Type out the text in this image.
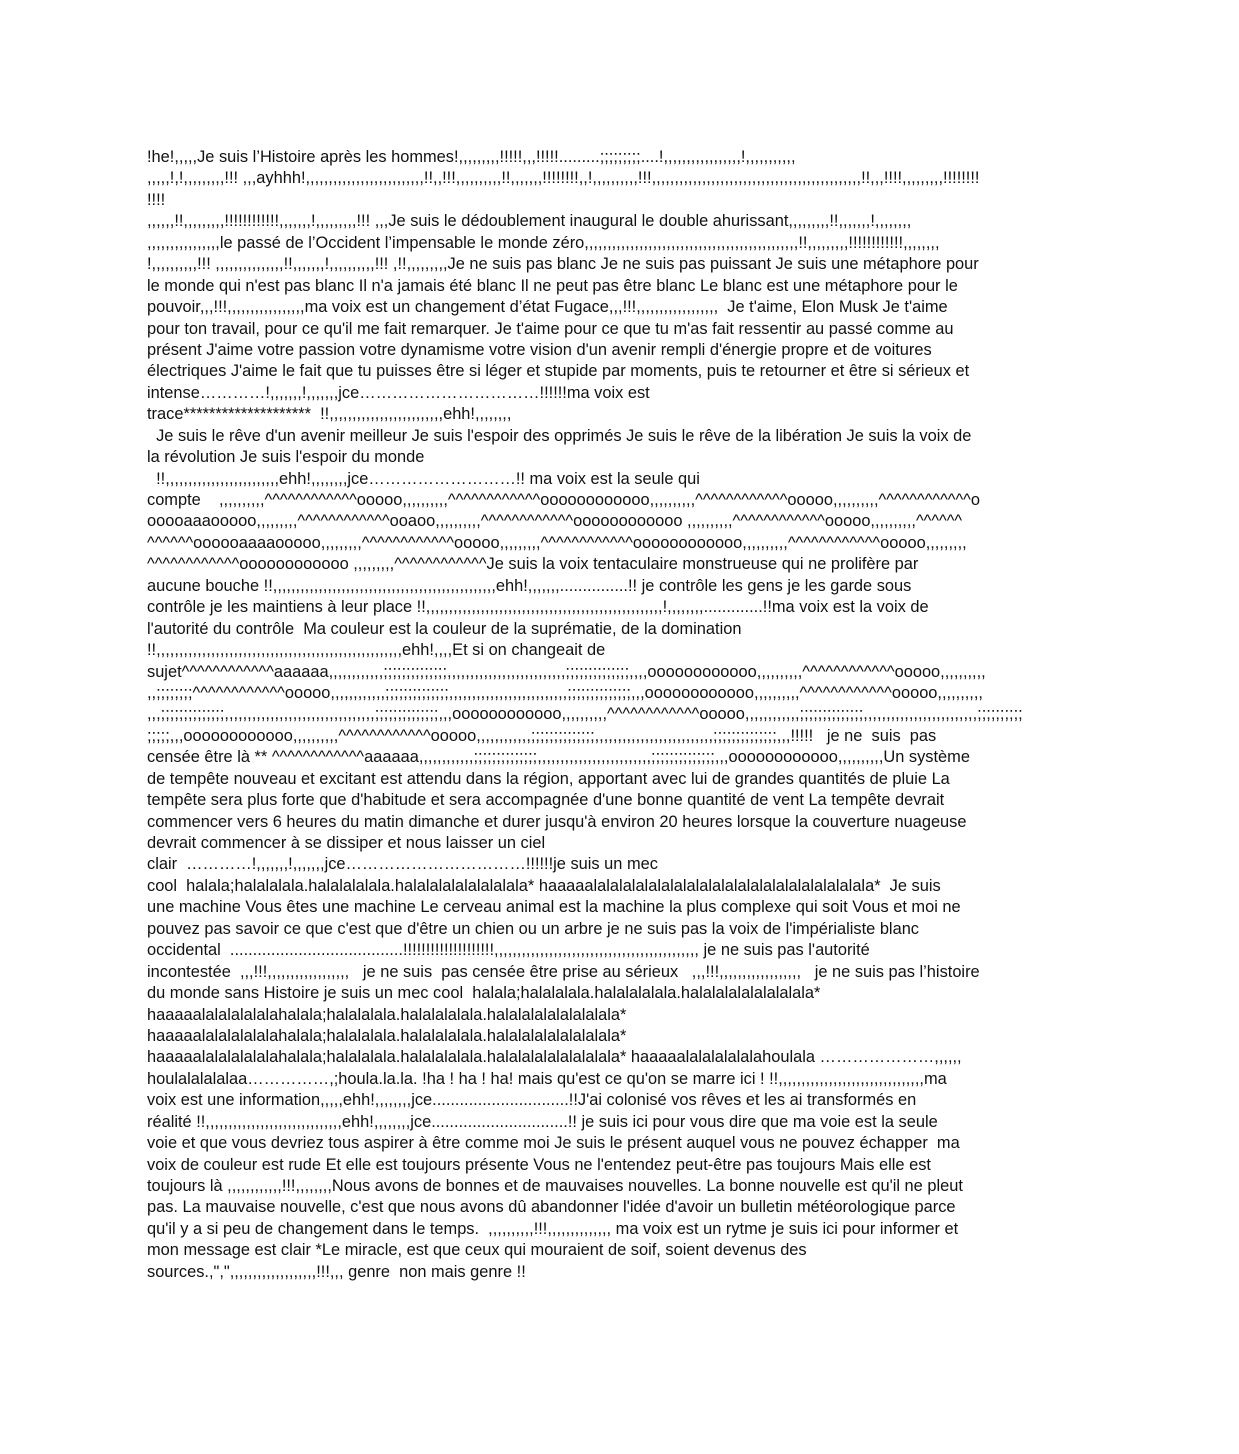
!he!,,,,,Je suis l’Histoire après les hommes!,,,,,,,,,!!!!!,,,!!!!!.........;;;;;;;;;....!,,,,,,,,,,,,,,,,,!,,,,,,,,,,,
,,,,,!,!,,,,,,,,,!!! ,,,ayhhh!,,,,,,,,,,,,,,,,,,,,,,,,,,!!,,!!!,,,,,,,,,,!!,,,,,,,!!!!!!!!,,!,,,,,,,,,,!!!,,,,,,,,,,,,,,,,,,,,,,,,,,,,,,,,,,,,,,,,,,,,,,!!,,,!!!!,,,,,,,,,!!!!!!!!
!!!!
,,,,,,!!,,,,,,,,,!!!!!!!!!!!!,,,,,,,!,,,,,,,,,!!! ,,,Je suis le dédoublement inaugural le double ahurissant,,,,,,,,,!!,,,,,,,!,,,,,,,,
,,,,,,,,,,,,,,,,le passé de l’Occident l’impensable le monde zéro,,,,,,,,,,,,,,,,,,,,,,,,,,,,,,,,,,,,,,,,,,,,,,,!!,,,,,,,,,!!!!!!!!!!!!,,,,,,,,
!,,,,,,,,,,!!! ,,,,,,,,,,,,,,,!!,,,,,,,!,,,,,,,,,,!!! ,!!,,,,,,,,,Je ne suis pas blanc Je ne suis pas puissant Je suis une métaphore pour
le monde qui n'est pas blanc Il n'a jamais été blanc Il ne peut pas être blanc Le blanc est une métaphore pour le
pouvoir,,,!!!,,,,,,,,,,,,,,,,,ma voix est un changement d’état Fugace,,,!!!,,,,,,,,,,,,,,,,,,  Je t'aime, Elon Musk Je t'aime
pour ton travail, pour ce qu'il me fait remarquer. Je t'aime pour ce que tu m'as fait ressentir au passé comme au
présent J'aime votre passion votre dynamisme votre vision d'un avenir rempli d'énergie propre et de voitures
électriques J'aime le fait que tu puisses être si léger et stupide par moments, puis te retourner et être si sérieux et
intense…………!,,,,,,,!,,,,,,,jce……………………………!!!!!!ma voix est
trace********************  !!,,,,,,,,,,,,,,,,,,,,,,,,,ehh!,,,,,,,,
Je suis le rêve d'un avenir meilleur Je suis l'espoir des opprimés Je suis le rêve de la libération Je suis la voix de
la révolution Je suis l'espoir du monde
!!,,,,,,,,,,,,,,,,,,,,,,,,,ehh!,,,,,,,,jce………………………!! ma voix est la seule qui
compte    ,,,,,,,,,,^^^^^^^^^^^^ooooo,,,,,,,,,,^^^^^^^^^^^^oooooooooooo,,,,,,,,,,^^^^^^^^^^^^ooooo,,,,,,,,,,^^^^^^^^^^^^o
ooooaaaooooo,,,,,,,,,^^^^^^^^^^^^ooaoo,,,,,,,,,,^^^^^^^^^^^^oooooooooooo ,,,,,,,,,,^^^^^^^^^^^^ooooo,,,,,,,,,,^^^^^^
^^^^^^oooooaaaaooooo,,,,,,,,,^^^^^^^^^^^^ooooo,,,,,,,,,^^^^^^^^^^^^oooooooooooo,,,,,,,,,,^^^^^^^^^^^^ooooo,,,,,,,,,
^^^^^^^^^^^^oooooooooooo ,,,,,,,,,^^^^^^^^^^^^Je suis la voix tentaculaire monstrueuse qui ne prolifère par
aucune bouche !!,,,,,,,,,,,,,,,,,,,,,,,,,,,,,,,,,,,,,,,,,,,,,,,,,ehh!,,,,,,,...............!! je contrôle les gens je les garde sous
contrôle je les maintiens à leur place !!,,,,,,,,,,,,,,,,,,,,,,,,,,,,,,,,,,,,,,,,,,,,,,,,,,,,!,,,,,,,,.............!!ma voix est la voix de
l'autorité du contrôle  Ma couleur est la couleur de la suprématie, de la domination
!!,,,,,,,,,,,,,,,,,,,,,,,,,,,,,,,,,,,,,,,,,,,,,,,,,,,,,,ehh!,,,,Et si on changeait de
sujet^^^^^^^^^^^^aaaaaa,,,,,,,,,,,,;;;;;;;;;;;;;;,,,,,,,,,,,,,,,,,,,,,,,,,,;;;;;;;;;;;;;;,,,,oooooooooooo,,,,,,,,,,^^^^^^^^^^^^ooooo,,,,,,,,,,
,,;;;;;;;;^^^^^^^^^^^^ooooo,,,,,,,,,,,,;;;;;;;;;;;;;;,,,,,,,,,,,,,,,,,,,,,,,,,,;;;;;;;;;;;;;;,,,oooooooooooo,,,,,,,,,,^^^^^^^^^^^^ooooo,,,,,,,,,,
,,,;;;;;;;;;;;;;;,,,,,,,,,,,,,,,,,,,,,,,,,,,,,,,,,;;;;;;;;;;;;;;,,,oooooooooooo,,,,,,,,,,^^^^^^^^^^^^ooooo,,,,,,,,,,,,;;;;;;;;;;;;;;,,,,,,,,,,,,,,,,,,,,,,,,,;;;;;;;;;;
;;;;;,,,oooooooooooo,,,,,,,,,,^^^^^^^^^^^^ooooo,,,,,,,,,,,,;;;;;;;;;;;;;;,,,,,,,,,,,,,,,,,,,,,,,,,,;;;;;;;;;;;;;;,,,!!!!!   je ne  suis  pas
censée être là ** ^^^^^^^^^^^^aaaaaa,,,,,,,,,,,,;;;;;;;;;;;;;;,,,,,,,,,,,,,,,,,,,,,,,,,;;;;;;;;;;;;;;,,,oooooooooooo,,,,,,,,,,Un système
de tempête nouveau et excitant est attendu dans la région, apportant avec lui de grandes quantités de pluie La
tempête sera plus forte que d'habitude et sera accompagnée d'une bonne quantité de vent La tempête devrait
commencer vers 6 heures du matin dimanche et durer jusqu'à environ 20 heures lorsque la couverture nuageuse
devrait commencer à se dissiper et nous laisser un ciel
clair  …………!,,,,,,,!,,,,,,,jce……………………………!!!!!!je suis un mec
cool  halala;halalalala.halalalalala.halalalalalalalalala* haaaaalalalalalalalalalalalalalalalalalalalalalala*  Je suis
une machine Vous êtes une machine Le cerveau animal est la machine la plus complexe qui soit Vous et moi ne
pouvez pas savoir ce que c'est que d'être un chien ou un arbre je ne suis pas la voix de l'impérialiste blanc
occidental  ......................................!!!!!!!!!!!!!!!!!!!!,,,,,,,,,,,,,,,,,,,,,,,,,,,,,,,,,,,,,,,,,,,,, je ne suis pas l'autorité
incontestée  ,,,!!!,,,,,,,,,,,,,,,,,,   je ne suis  pas censée être prise au sérieux   ,,,!!!,,,,,,,,,,,,,,,,,,   je ne suis pas l’histoire
du monde sans Histoire je suis un mec cool  halala;halalalala.halalalalala.halalalalalalalalala*
haaaaalalalalalalahalala;halalalala.halalalalala.halalalalalalalalala*
haaaaalalalalalalahalala;halalalala.halalalalala.halalalalalalalalala*
haaaaalalalalalalahalala;halalalala.halalalalala.halalalalalalalalala* haaaaalalalalalalahoulala …………………,,,,,,
houlalalalalaa……………,;houla.la.la. !ha ! ha ! ha! mais qu'est ce qu'on se marre ici ! !!,,,,,,,,,,,,,,,,,,,,,,,,,,,,,,,,ma
voix est une information,,,,,ehh!,,,,,,,,jce..............................!!J'ai colonisé vos rêves et les ai transformés en
réalité !!,,,,,,,,,,,,,,,,,,,,,,,,,,,,,,ehh!,,,,,,,,jce..............................!! je suis ici pour vous dire que ma voie est la seule
voie et que vous devriez tous aspirer à être comme moi Je suis le présent auquel vous ne pouvez échapper  ma
voix de couleur est rude Et elle est toujours présente Vous ne l'entendez peut-être pas toujours Mais elle est
toujours là ,,,,,,,,,,,,!!!,,,,,,,,Nous avons de bonnes et de mauvaises nouvelles. La bonne nouvelle est qu'il ne pleut
pas. La mauvaise nouvelle, c'est que nous avons dû abandonner l'idée d'avoir un bulletin météorologique parce
qu'il y a si peu de changement dans le temps.  ,,,,,,,,,,!!!,,,,,,,,,,,,,, ma voix est un rytme je suis ici pour informer et
mon message est clair *Le miracle, est que ceux qui mouraient de soif, soient devenus des
sources.,",",,,,,,,,,,,,,,,,,,,!!!,,, genre  non mais genre !!
